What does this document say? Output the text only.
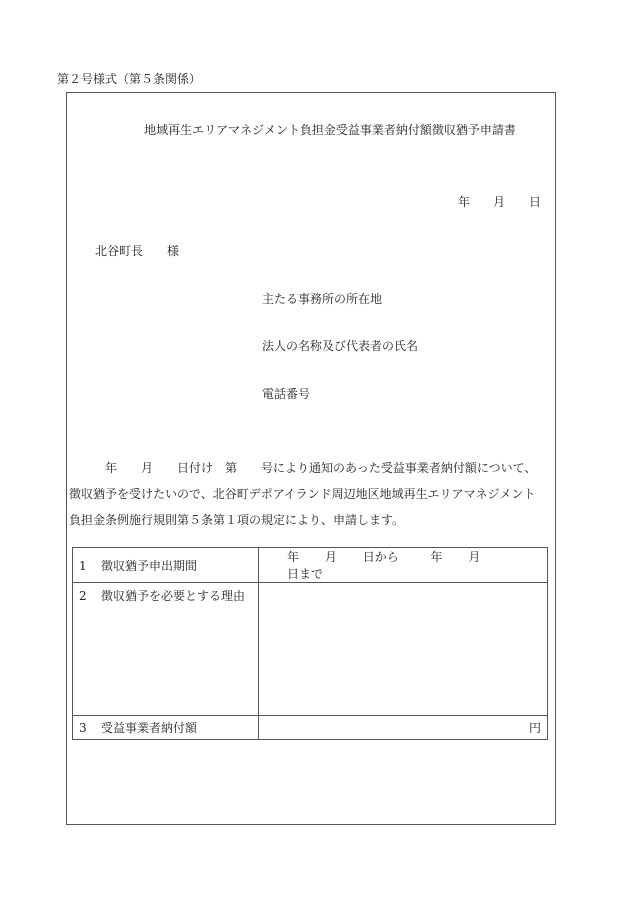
第２号様式（第５条関係）
地域再生エリアマネジメント負担金受益事業者納付額徴収猶予申請書
年 月 日
北谷町長　　様
主たる事務所の所在地
法人の名称及び代表者の氏名
電話番号
　　　年　　月　　日付け　第　　号により通知のあった受益事業者納付額について、
徴収猶予を受けたいので、北谷町デポアイランド周辺地区地域再生エリアマネジメント
負担金条例施行規則第５条第１項の規定により、申請します。
1 徴収猶予申出期間	年 月 日から 年 月 日まで
2 徴収猶予を必要とする理由	
3 受益事業者納付額	円
